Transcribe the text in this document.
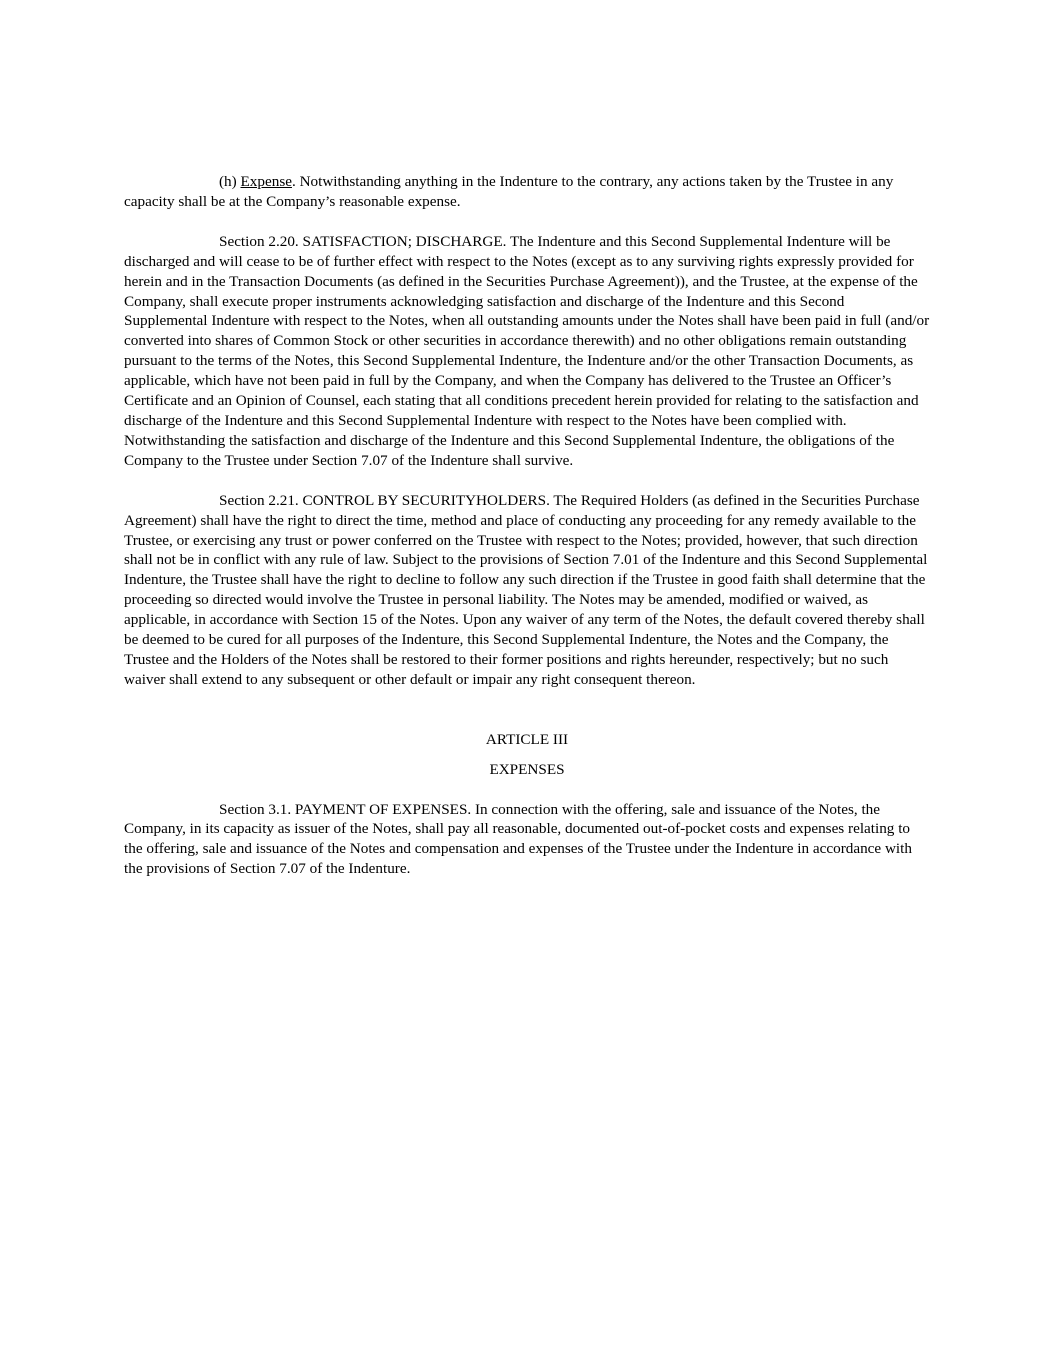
(h) Expense. Notwithstanding anything in the Indenture to the contrary, any actions taken by the Trustee in any capacity shall be at the Company’s reasonable expense.

Section 2.20. SATISFACTION; DISCHARGE. The Indenture and this Second Supplemental Indenture will be discharged and will cease to be of further effect with respect to the Notes (except as to any surviving rights expressly provided for herein and in the Transaction Documents (as defined in the Securities Purchase Agreement)), and the Trustee, at the expense of the Company, shall execute proper instruments acknowledging satisfaction and discharge of the Indenture and this Second Supplemental Indenture with respect to the Notes, when all outstanding amounts under the Notes shall have been paid in full (and/or converted into shares of Common Stock or other securities in accordance therewith) and no other obligations remain outstanding pursuant to the terms of the Notes, this Second Supplemental Indenture, the Indenture and/or the other Transaction Documents, as applicable, which have not been paid in full by the Company, and when the Company has delivered to the Trustee an Officer’s Certificate and an Opinion of Counsel, each stating that all conditions precedent herein provided for relating to the satisfaction and discharge of the Indenture and this Second Supplemental Indenture with respect to the Notes have been complied with. Notwithstanding the satisfaction and discharge of the Indenture and this Second Supplemental Indenture, the obligations of the Company to the Trustee under Section 7.07 of the Indenture shall survive.

Section 2.21. CONTROL BY SECURITYHOLDERS. The Required Holders (as defined in the Securities Purchase Agreement) shall have the right to direct the time, method and place of conducting any proceeding for any remedy available to the Trustee, or exercising any trust or power conferred on the Trustee with respect to the Notes; provided, however, that such direction shall not be in conflict with any rule of law. Subject to the provisions of Section 7.01 of the Indenture and this Second Supplemental Indenture, the Trustee shall have the right to decline to follow any such direction if the Trustee in good faith shall determine that the proceeding so directed would involve the Trustee in personal liability. The Notes may be amended, modified or waived, as applicable, in accordance with Section 15 of the Notes. Upon any waiver of any term of the Notes, the default covered thereby shall be deemed to be cured for all purposes of the Indenture, this Second Supplemental Indenture, the Notes and the Company, the Trustee and the Holders of the Notes shall be restored to their former positions and rights hereunder, respectively; but no such waiver shall extend to any subsequent or other default or impair any right consequent thereon.

ARTICLE III

EXPENSES

Section 3.1. PAYMENT OF EXPENSES. In connection with the offering, sale and issuance of the Notes, the Company, in its capacity as issuer of the Notes, shall pay all reasonable, documented out-of-pocket costs and expenses relating to the offering, sale and issuance of the Notes and compensation and expenses of the Trustee under the Indenture in accordance with the provisions of Section 7.07 of the Indenture.
